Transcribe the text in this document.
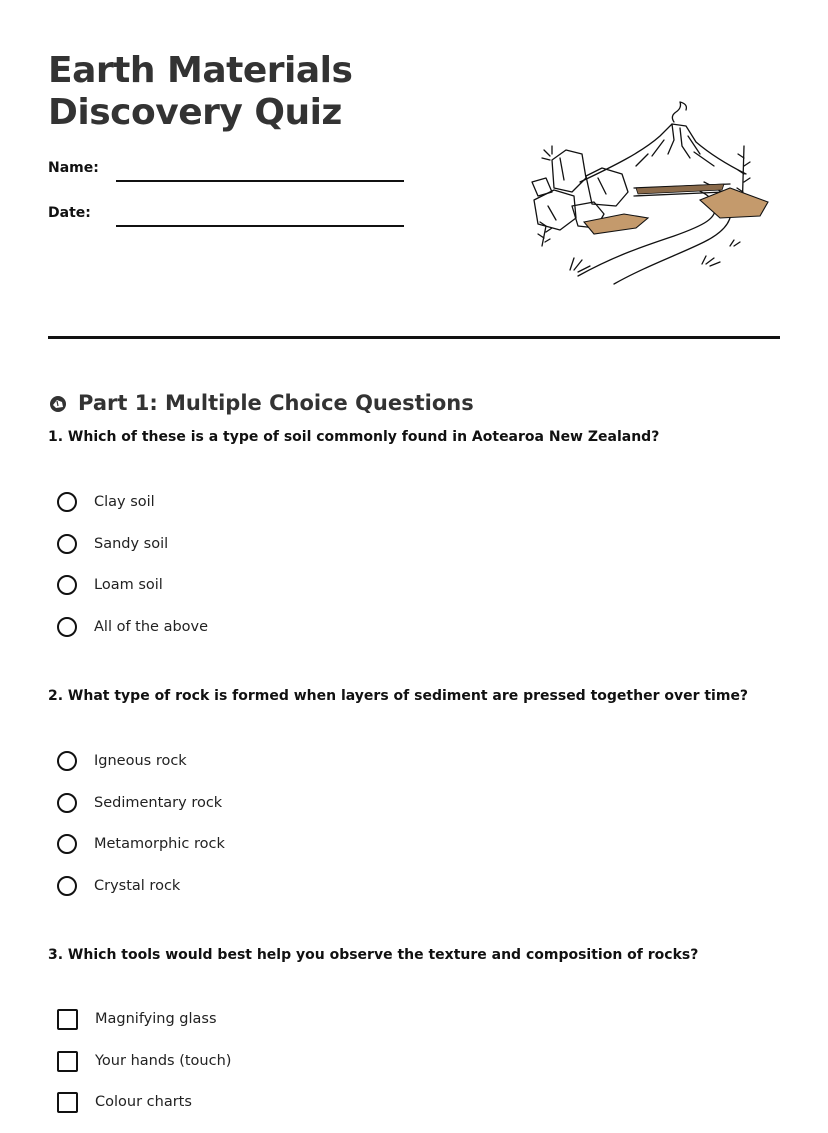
Earth Materials
Discovery Quiz
Name:
Date:
Part 1: Multiple Choice Questions
1. Which of these is a type of soil commonly found in Aotearoa New Zealand?
Clay soil
Sandy soil
Loam soil
All of the above
2. What type of rock is formed when layers of sediment are pressed together over time?
Igneous rock
Sedimentary rock
Metamorphic rock
Crystal rock
3. Which tools would best help you observe the texture and composition of rocks?
Magnifying glass
Your hands (touch)
Colour charts
